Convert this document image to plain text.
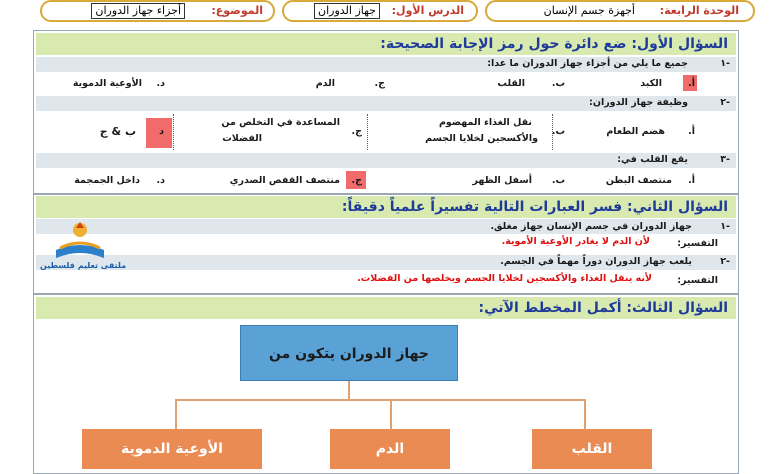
الوحدة الرابعة:
أجهزة جسم الإنسان
الدرس الأول:
جهاز الدوران
الموضوع:
أجزاء جهاز الدوران
السؤال الأول: ضع دائرة حول رمز الإجابة الصحيحة:
-١
جميع ما يلي من أجزاء جهاز الدوران ما عدا:
أ.
الكبد
ب.
القلب
ج.
الدم
د.
الأوعية الدموية
-٢
وظيفة جهاز الدوران:
أ.
هضم الطعام
ب.
نقل الغذاء المهضوم
والأكسجين لخلايا الجسم
ج.
المساعدة في التخلص من
الفضلات
د
ب & ج
-٣
يقع القلب في:
أ.
منتصف البطن
ب.
أسفل الظهر
ج.
منتصف القفص الصدري
د.
داخل الجمجمة
السؤال الثاني: فسر العبارات التالية تفسيراً علمياً دقيقاً:
-١
جهاز الدوران في جسم الإنسان جهاز مغلق.
التفسير:
لأن الدم لا يغادر الأوعية الأموية.
-٢
يلعب جهاز الدوران دوراً مهماً في الجسم.
التفسير:
لأنه ينقل الغذاء والأكسجين لخلايا الجسم ويخلصها من الفضلات.
ملتقى تعليم فلسطين
السؤال الثالث: أكمل المخطط الآتي:
جهاز الدوران يتكون من
القلب
الدم
الأوعية الدموية
